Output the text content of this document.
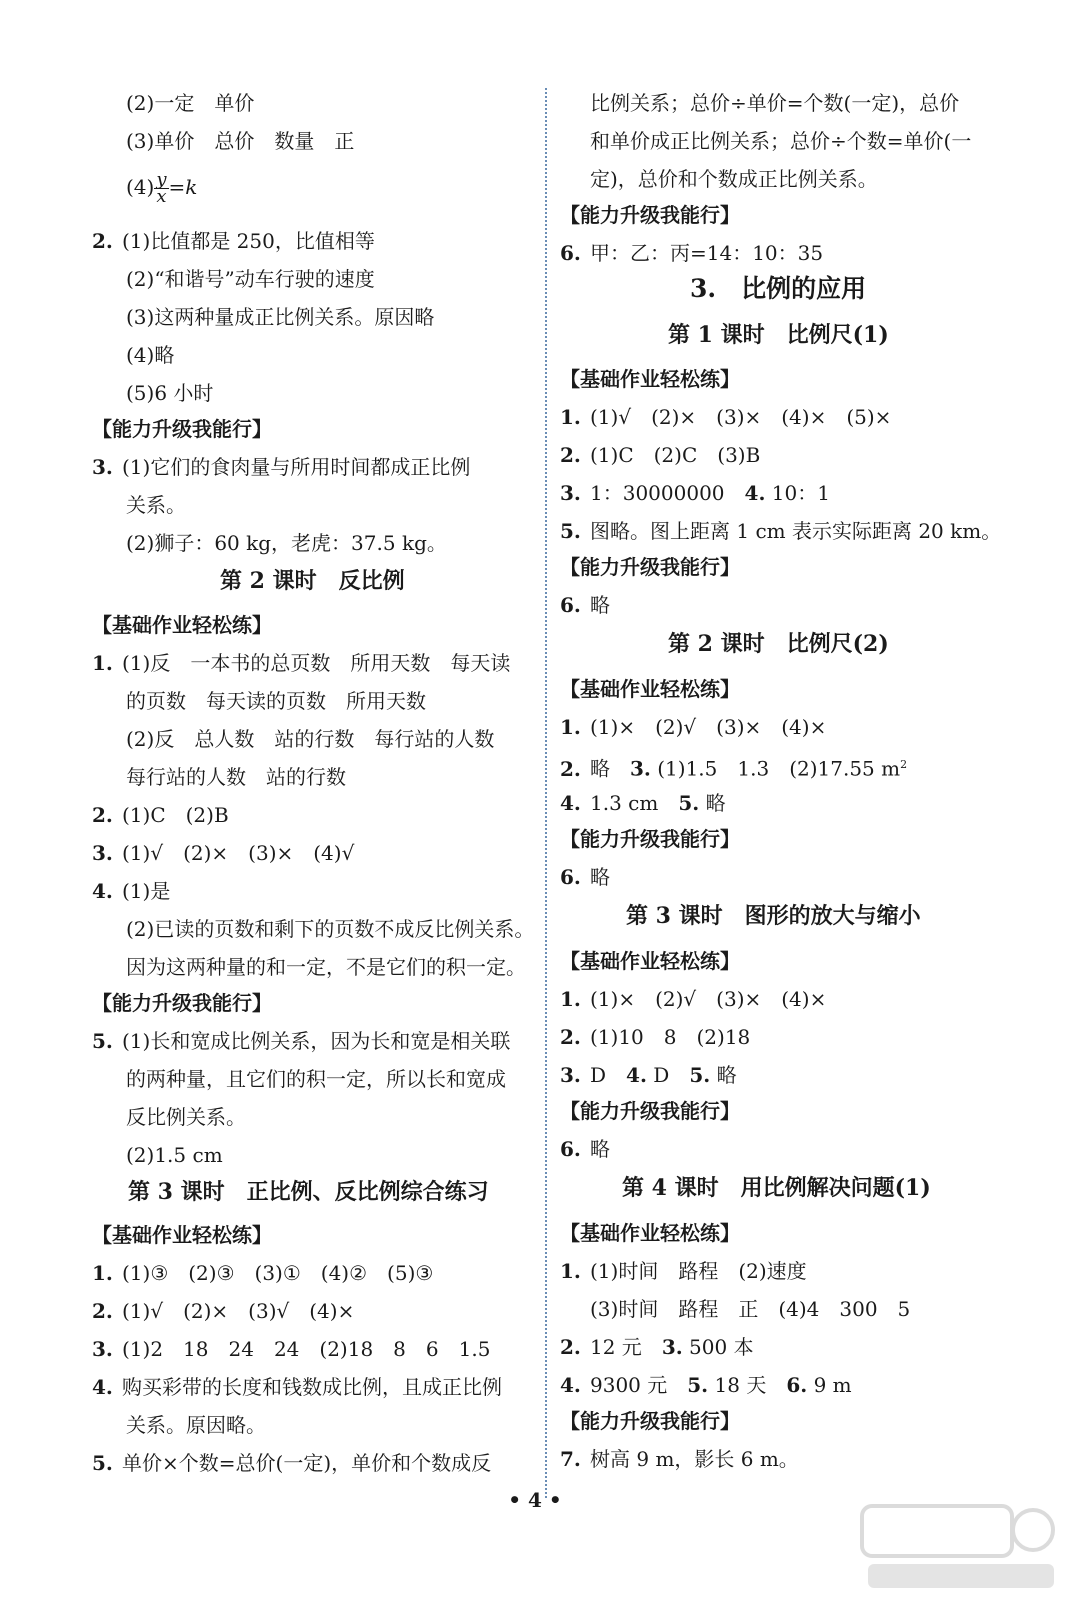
(2)一定　单价
(3)单价　总价　数量　正
$(4) \frac{y}{x} =k$
2. (1)比值都是 250，比值相等
(2)“和谐号”动车行驶的速度
(3)这两种量成正比例关系。原因略
(4)略
(5)6 小时
【能力升级我能行】
3. (1)它们的食肉量与所用时间都成正比例
关系。
(2)狮子：60 kg，老虎：37.5 kg。
第 2 课时　反比例
【基础作业轻松练】
1. (1)反　一本书的总页数　所用天数　每天读
的页数　每天读的页数　所用天数
(2)反　总人数　站的行数　每行站的人数
每行站的人数　站的行数
2. (1)C　(2)B
3. (1)√　(2)×　(3)×　(4)√
4. (1)是
(2)已读的页数和剩下的页数不成反比例关系。
因为这两种量的和一定，不是它们的积一定。
【能力升级我能行】
5. (1)长和宽成比例关系，因为长和宽是相关联
的两种量，且它们的积一定，所以长和宽成
反比例关系。
(2)1.5 cm
第 3 课时　正比例、反比例综合练习
【基础作业轻松练】
1. (1)③　(2)③　(3)①　(4)②　(5)③
2. (1)√　(2)×　(3)√　(4)×
3. (1)2　18　24　24　(2)18　8　6　1.5
4. 购买彩带的长度和钱数成比例，且成正比例
关系。原因略。
5. 单价×个数=总价(一定)，单价和个数成反
比例关系；总价÷单价=个数(一定)，总价
和单价成正比例关系；总价÷个数=单价(一
定)，总价和个数成正比例关系。
【能力升级我能行】
6. 甲：乙：丙=14：10：35
3.　比例的应用
第 1 课时　比例尺(1)
【基础作业轻松练】
1. (1)√　(2)×　(3)×　(4)×　(5)×
2. (1)C　(2)C　(3)B
3. 1：30000000　4. 10：1
5. 图略。图上距离 1 cm 表示实际距离 20 km。
【能力升级我能行】
6. 略
第 2 课时　比例尺(2)
【基础作业轻松练】
1. (1)×　(2)√　(3)×　(4)×
2. 略　3. (1)1.5　1.3　(2)17.55 $m^2$
4. 1.3 cm　5. 略
【能力升级我能行】
6. 略
第 3 课时　图形的放大与缩小
【基础作业轻松练】
1. (1)×　(2)√　(3)×　(4)×
2. (1)10　8　(2)18
3. D　4. D　5. 略
【能力升级我能行】
6. 略
第 4 课时　用比例解决问题(1)
【基础作业轻松练】
1. (1)时间　路程　(2)速度
(3)时间　路程　正　(4)4　300　5
2. 12 元　3. 500 本
4. 9300 元　5. 18 天　6. 9 m
【能力升级我能行】
7. 树高 9 m，影长 6 m。
• 4 •
